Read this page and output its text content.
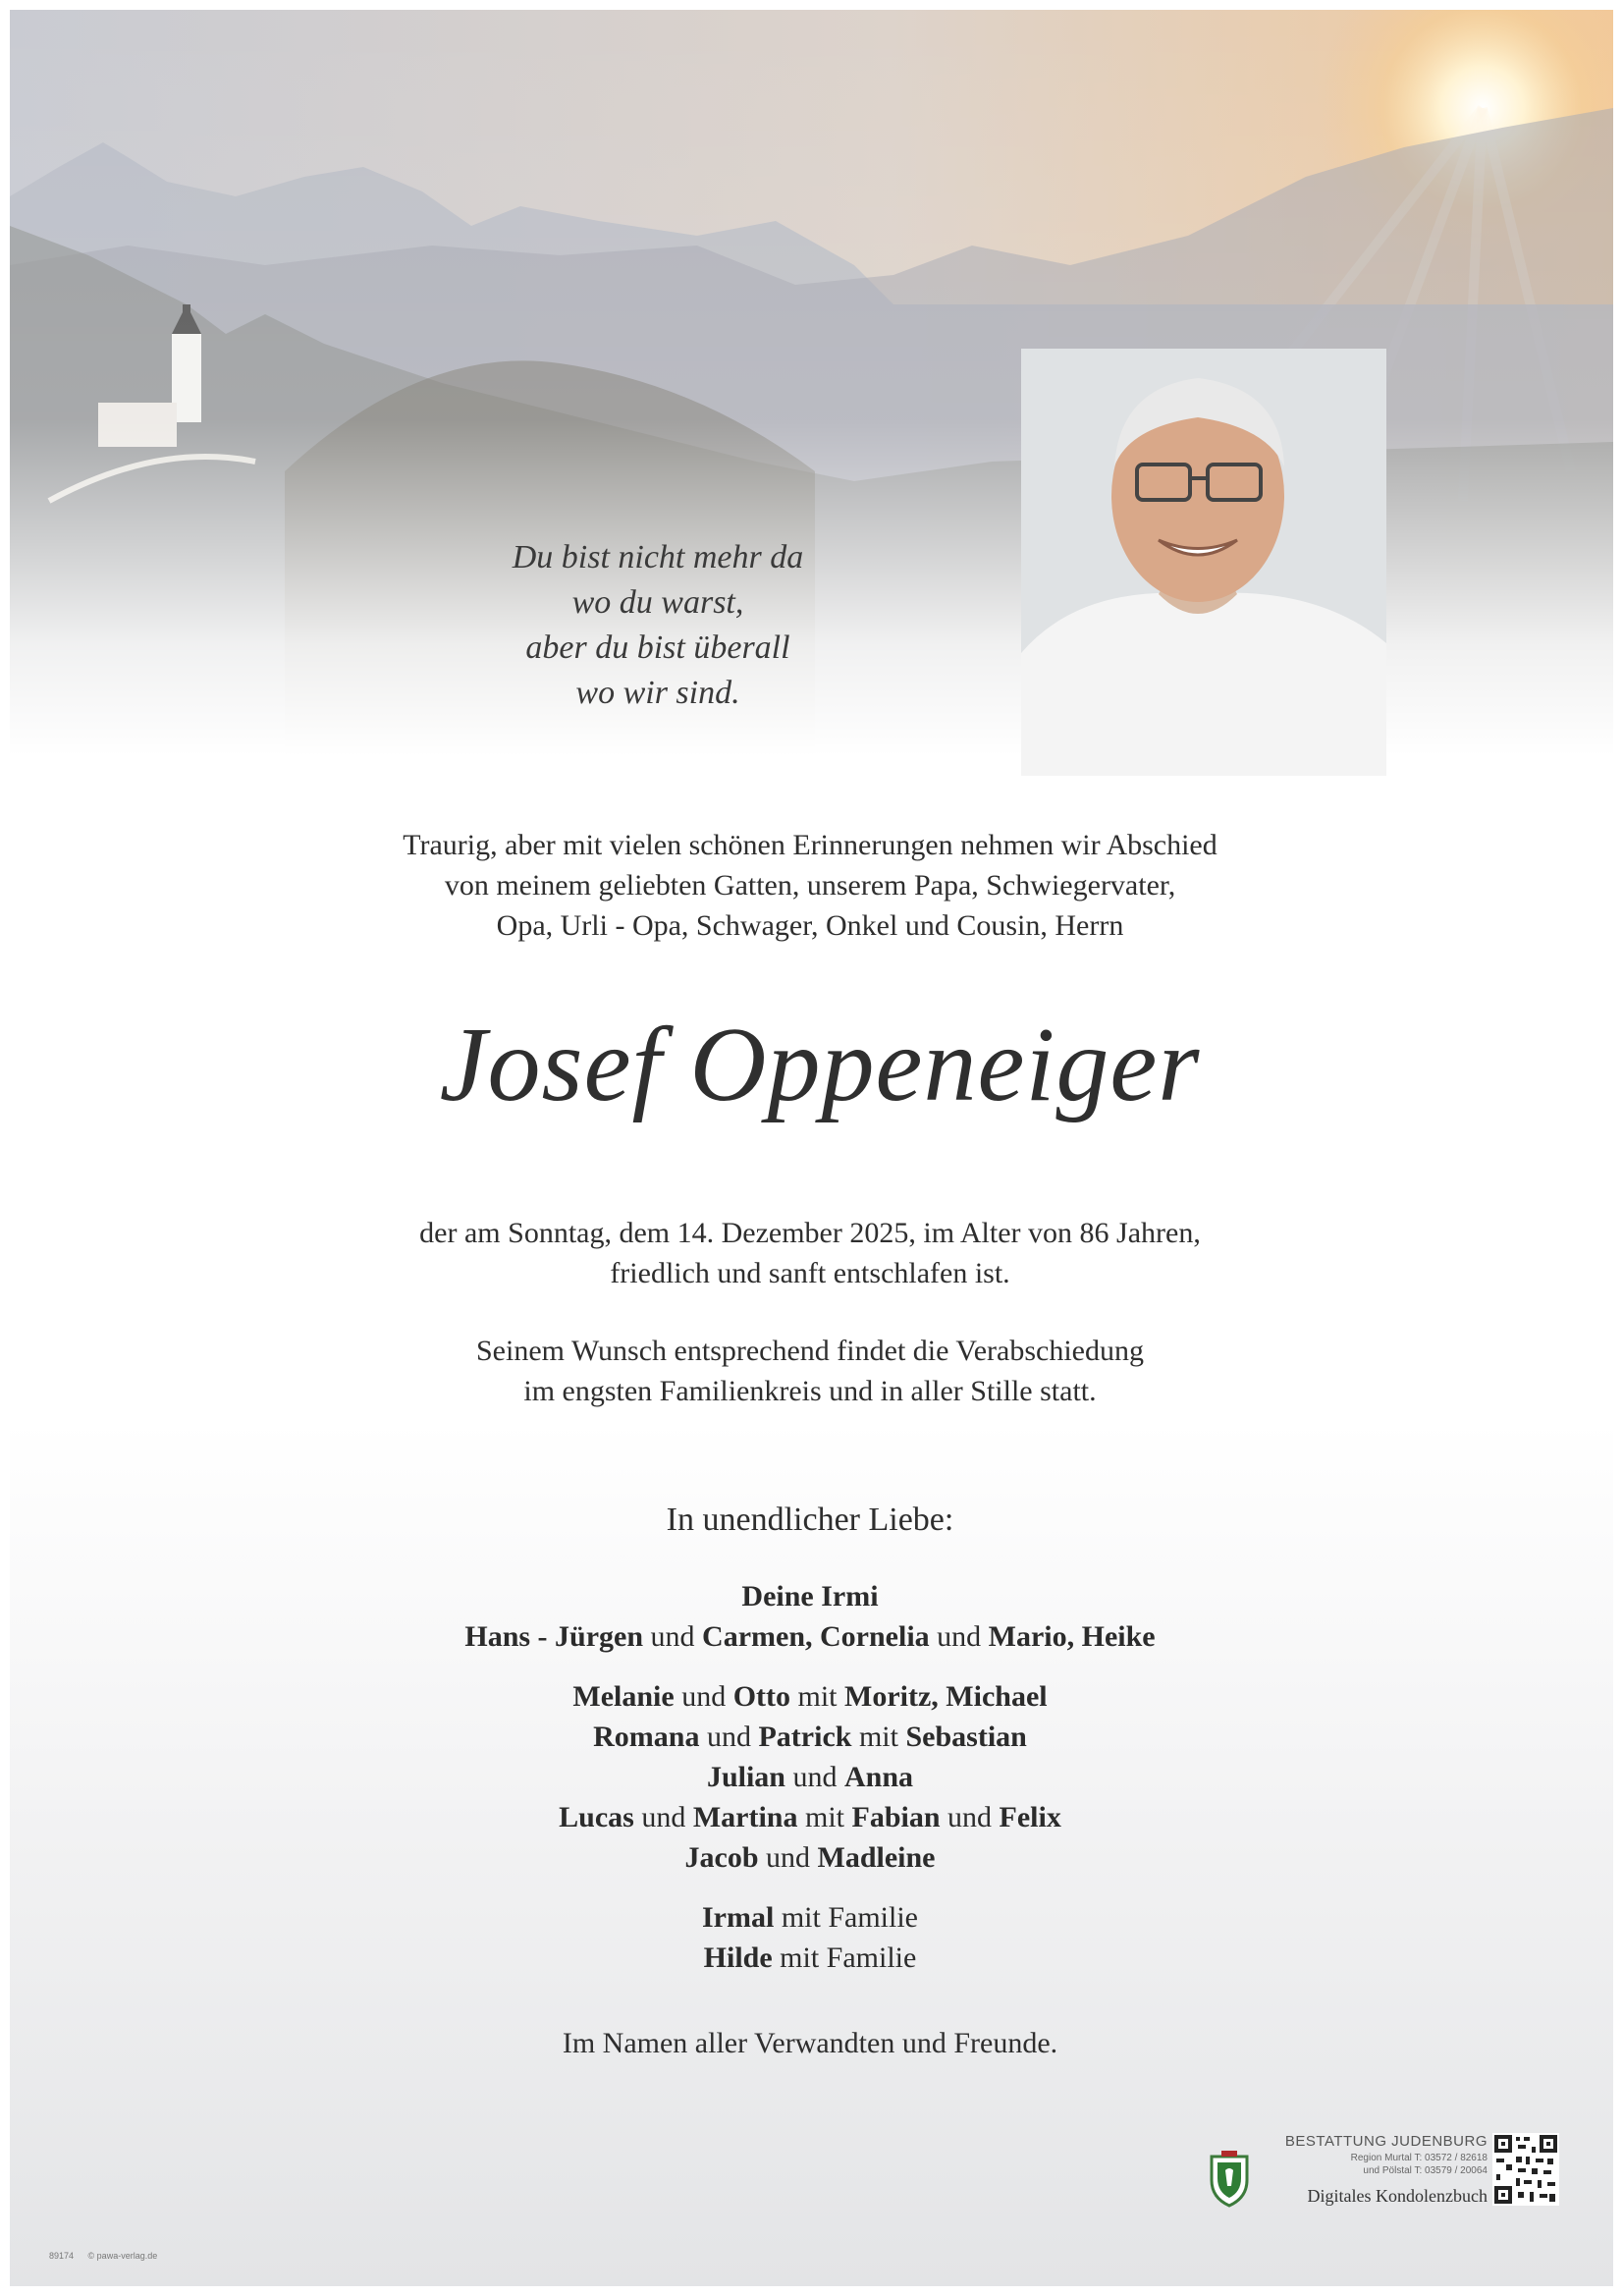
Du bist nicht mehr da
wo du warst,
aber du bist überall
wo wir sind.
Traurig, aber mit vielen schönen Erinnerungen nehmen wir Abschied
von meinem geliebten Gatten, unserem Papa, Schwiegervater,
Opa, Urli - Opa, Schwager, Onkel und Cousin, Herrn
Josef Oppeneiger
der am Sonntag, dem 14. Dezember 2025, im Alter von 86 Jahren,
friedlich und sanft entschlafen ist.
Seinem Wunsch entsprechend findet die Verabschiedung
im engsten Familienkreis und in aller Stille statt.
In unendlicher Liebe:
Deine Irmi
Hans - Jürgen und Carmen, Cornelia und Mario, Heike
Melanie und Otto mit Moritz, Michael
Romana und Patrick mit Sebastian
Julian und Anna
Lucas und Martina mit Fabian und Felix
Jacob und Madleine
Irmal mit Familie
Hilde mit Familie
Im Namen aller Verwandten und Freunde.
BESTATTUNG JUDENBURG
Region Murtal T: 03572 / 82618
und Pölstal T: 03579 / 20064
Digitales Kondolenzbuch
89174 © pawa-verlag.de
